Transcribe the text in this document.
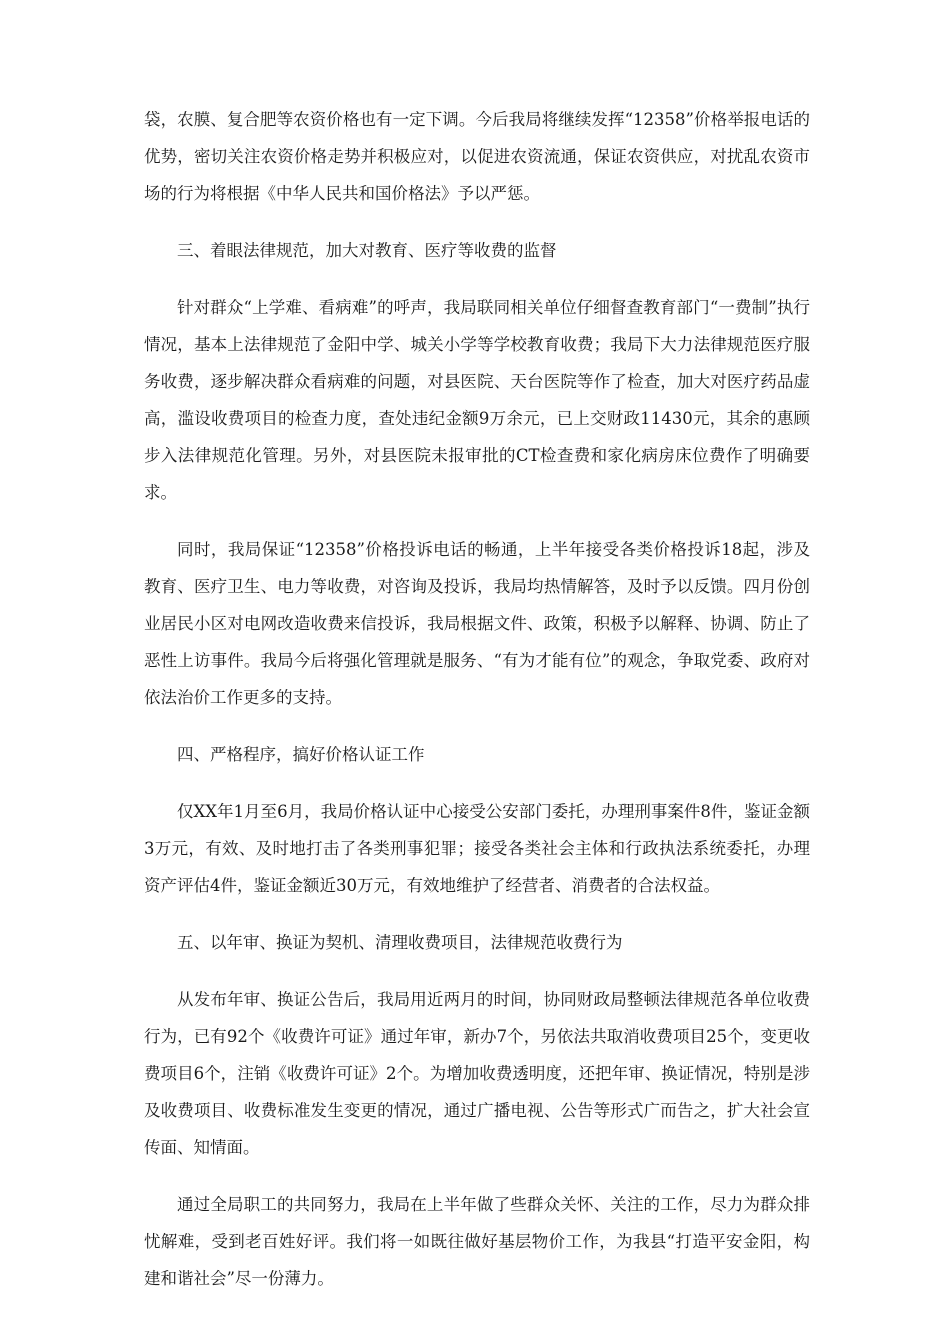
袋，农膜、复合肥等农资价格也有一定下调。今后我局将继续发挥“12358”价格举报电话的优势，密切关注农资价格走势并积极应对，以促进农资流通，保证农资供应，对扰乱农资市场的行为将根据《中华人民共和国价格法》予以严惩。

三、着眼法律规范，加大对教育、医疗等收费的监督

针对群众“上学难、看病难”的呼声，我局联同相关单位仔细督查教育部门“一费制”执行情况，基本上法律规范了金阳中学、城关小学等学校教育收费；我局下大力法律规范医疗服务收费，逐步解决群众看病难的问题，对县医院、天台医院等作了检查，加大对医疗药品虚高，滥设收费项目的检查力度，查处违纪金额9万余元，已上交财政11430元，其余的惠顾步入法律规范化管理。另外，对县医院未报审批的CT检查费和家化病房床位费作了明确要求。

同时，我局保证“12358”价格投诉电话的畅通，上半年接受各类价格投诉18起，涉及教育、医疗卫生、电力等收费，对咨询及投诉，我局均热情解答，及时予以反馈。四月份创业居民小区对电网改造收费来信投诉，我局根据文件、政策，积极予以解释、协调、防止了恶性上访事件。我局今后将强化管理就是服务、“有为才能有位”的观念，争取党委、政府对依法治价工作更多的支持。

四、严格程序，搞好价格认证工作

仅XX年1月至6月，我局价格认证中心接受公安部门委托，办理刑事案件8件，鉴证金额3万元，有效、及时地打击了各类刑事犯罪；接受各类社会主体和行政执法系统委托，办理资产评估4件，鉴证金额近30万元，有效地维护了经营者、消费者的合法权益。

五、以年审、换证为契机、清理收费项目，法律规范收费行为

从发布年审、换证公告后，我局用近两月的时间，协同财政局整顿法律规范各单位收费行为，已有92个《收费许可证》通过年审，新办7个，另依法共取消收费项目25个，变更收费项目6个，注销《收费许可证》2个。为增加收费透明度，还把年审、换证情况，特别是涉及收费项目、收费标准发生变更的情况，通过广播电视、公告等形式广而告之，扩大社会宣传面、知情面。

通过全局职工的共同努力，我局在上半年做了些群众关怀、关注的工作，尽力为群众排忧解难，受到老百姓好评。我们将一如既往做好基层物价工作，为我县“打造平安金阳，构建和谐社会”尽一份薄力。
